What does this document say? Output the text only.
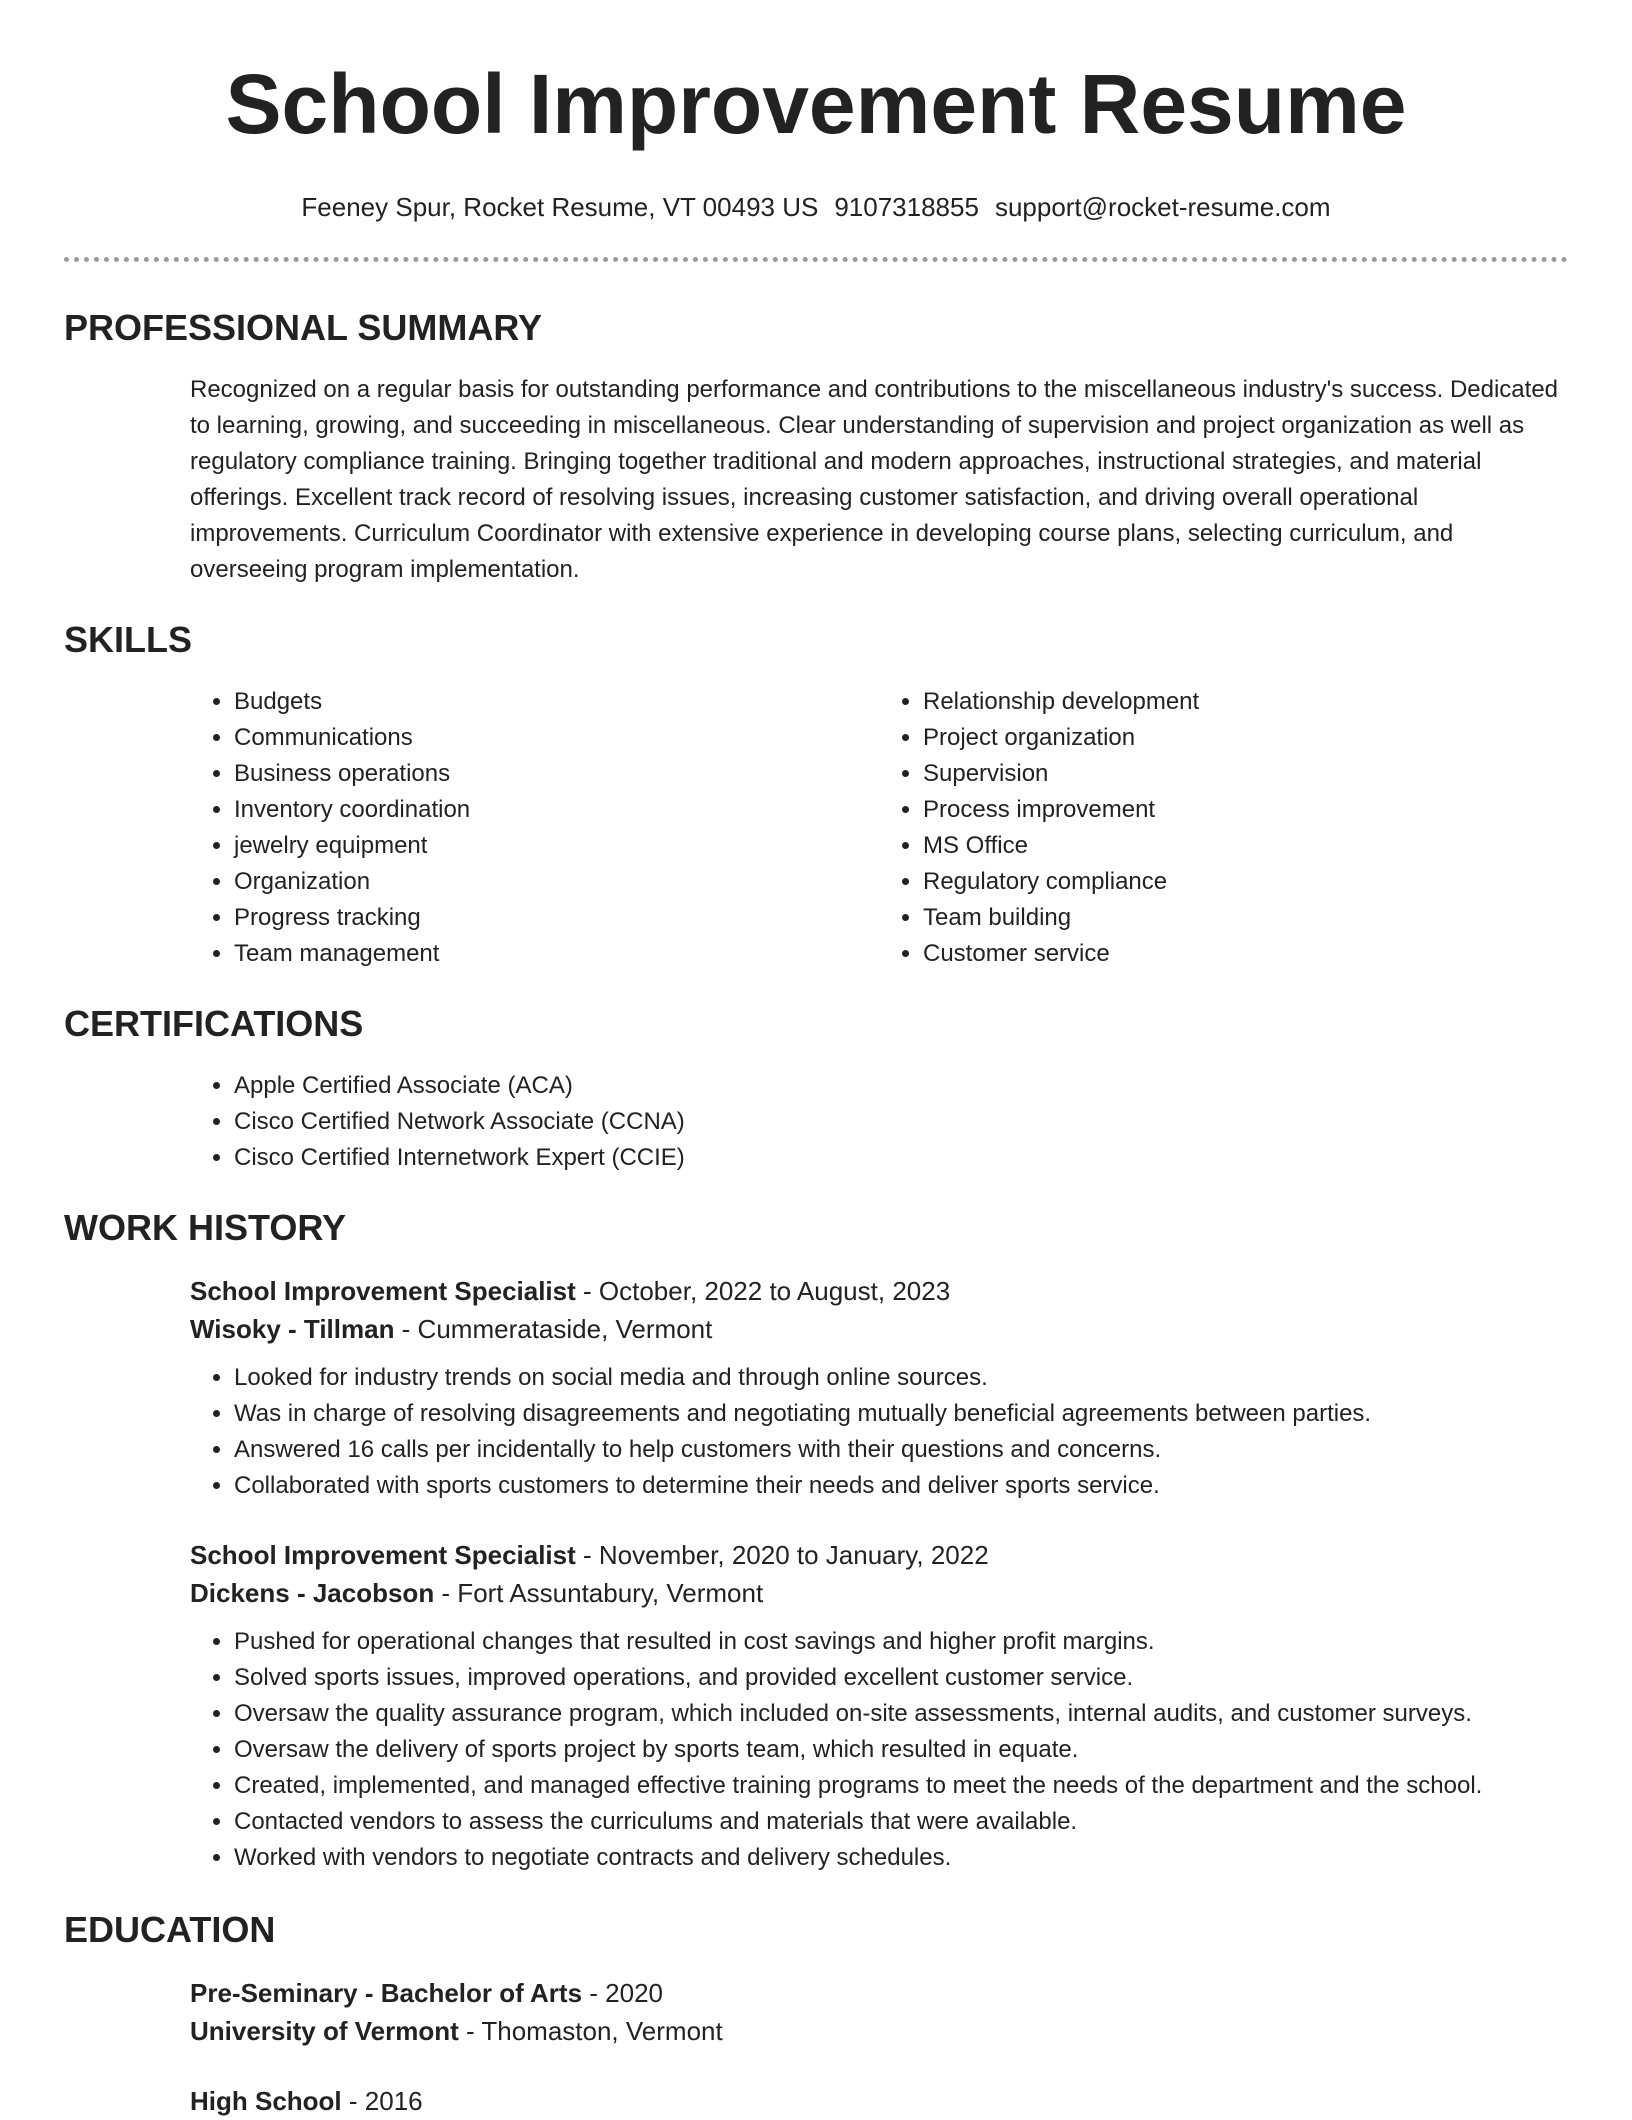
School Improvement Resume
Feeney Spur, Rocket Resume, VT 00493 US 9107318855 support@rocket-resume.com
PROFESSIONAL SUMMARY

Recognized on a regular basis for outstanding performance and contributions to the miscellaneous industry's success. Dedicated to learning, growing, and succeeding in miscellaneous. Clear understanding of supervision and project organization as well as regulatory compliance training. Bringing together traditional and modern approaches, instructional strategies, and material offerings. Excellent track record of resolving issues, increasing customer satisfaction, and driving overall operational improvements. Curriculum Coordinator with extensive experience in developing course plans, selecting curriculum, and overseeing program implementation.

SKILLS
• Budgets
• Communications
• Business operations
• Inventory coordination
• jewelry equipment
• Organization
• Progress tracking
• Team management
• Relationship development
• Project organization
• Supervision
• Process improvement
• MS Office
• Regulatory compliance
• Team building
• Customer service
CERTIFICATIONS
• Apple Certified Associate (ACA)
• Cisco Certified Network Associate (CCNA)
• Cisco Certified Internetwork Expert (CCIE)
WORK HISTORY
School Improvement Specialist - October, 2022 to August, 2023
Wisoky - Tillman - Cummerataside, Vermont
• Looked for industry trends on social media and through online sources.
• Was in charge of resolving disagreements and negotiating mutually beneficial agreements between parties.
• Answered 16 calls per incidentally to help customers with their questions and concerns.
• Collaborated with sports customers to determine their needs and deliver sports service.
School Improvement Specialist - November, 2020 to January, 2022
Dickens - Jacobson - Fort Assuntabury, Vermont
• Pushed for operational changes that resulted in cost savings and higher profit margins.
• Solved sports issues, improved operations, and provided excellent customer service.
• Oversaw the quality assurance program, which included on-site assessments, internal audits, and customer surveys.
• Oversaw the delivery of sports project by sports team, which resulted in equate.
• Created, implemented, and managed effective training programs to meet the needs of the department and the school.
• Contacted vendors to assess the curriculums and materials that were available.
• Worked with vendors to negotiate contracts and delivery schedules.
EDUCATION
Pre-Seminary - Bachelor of Arts - 2020
University of Vermont - Thomaston, Vermont
High School - 2016
